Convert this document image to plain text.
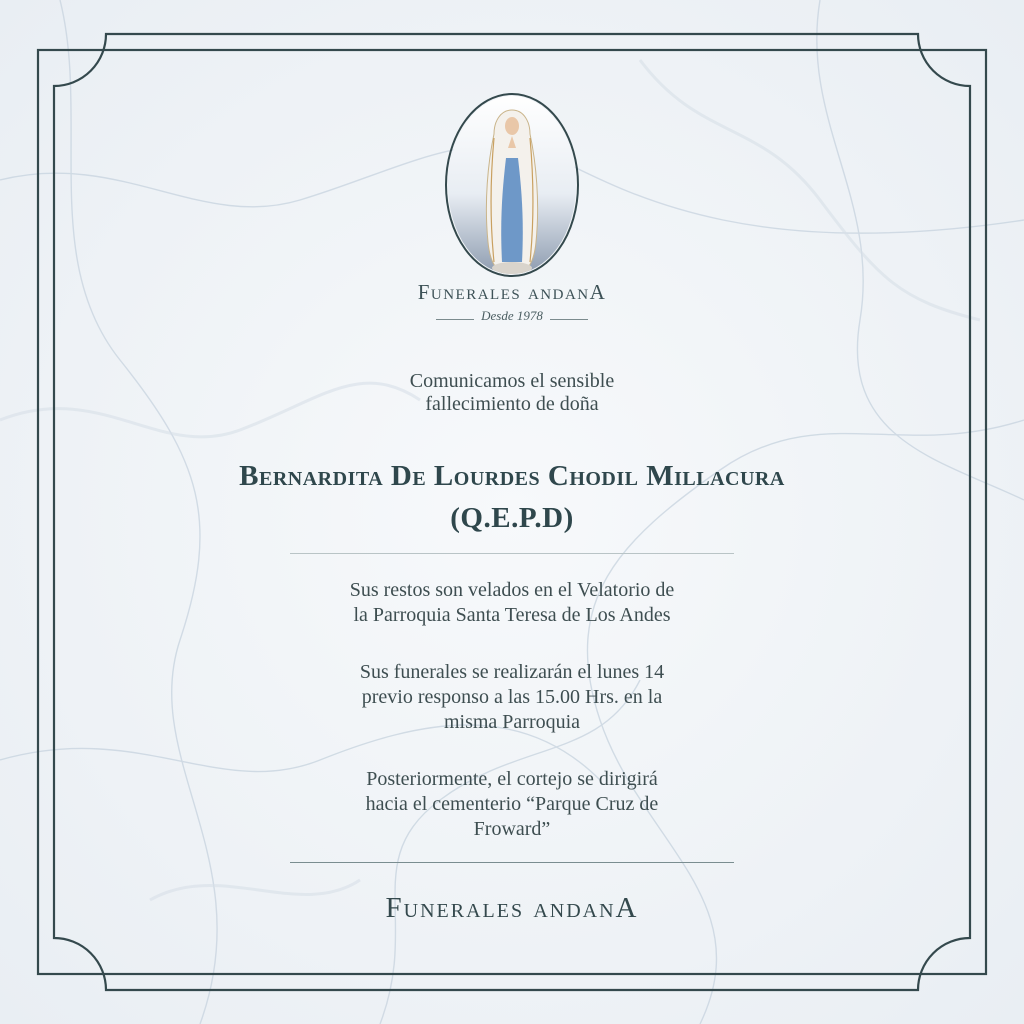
Funerales andanA
Desde 1978
Comunicamos el sensible
fallecimiento de doña
Bernardita De Lourdes Chodil Millacura
(Q.E.P.D)
Sus restos son velados en el Velatorio de
la Parroquia Santa Teresa de Los Andes
Sus funerales se realizarán el lunes 14
previo responso a las 15.00 Hrs. en la
misma Parroquia
Posteriormente, el cortejo se dirigirá
hacia el cementerio “Parque Cruz de
Froward”
Funerales andanA
